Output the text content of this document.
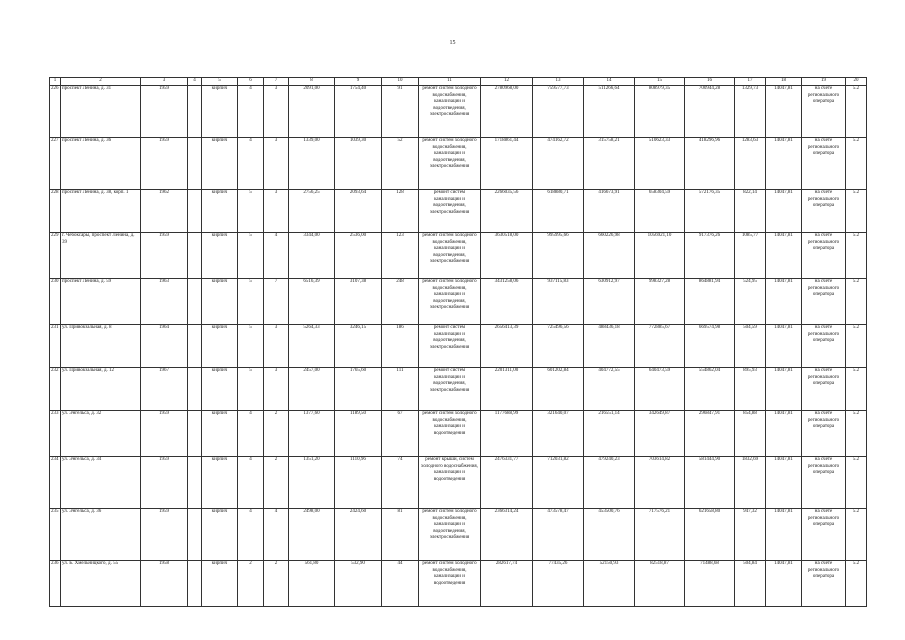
15
1	2	3	4	5	6	7	8	9	10	11	12	13	14	15	16	17	18	19	20
226	проспект Ленина, д. 31	1959		кирпич	4	3	2091,00	1754,40	91	ремонт систем холодного водоснабжения, канализации и водоотведения, электроснабжения	2780968,00	759577,73	511266,64	808979,35	700944,28	1329,73	14047,81	на счете регионального оператора	5.2
227	проспект Ленина, д. 36	1959		кирпич	4	3	1339,00	1039,30	52	ремонт систем холодного водоснабжения, канализации и водоотведения, электроснабжения	1718861,44	474162,72	315758,21	510623,33	418296,96	1283,63	14047,81	на счете регионального оператора	5.2
228	проспект Ленина, д. 38, корп. 1	1962		кирпич	5	3	2756,25	2093,64	128	ремонт систем канализации и водоотведения, электроснабжения	2266035,56	618880,71	416673,91	658304,59	572176,35	822,14	14047,81	на счете регионального оператора	5.2
229	г. Чебоксары, проспект Ленина, д. 39	1959		кирпич	5	4	3344,00	2536,00	123	ремонт систем холодного водоснабжения, канализации и водоотведения, электроснабжения	3630518,00	995995,66	660226,98	1056921,10	917376,26	1085,77	14047,81	на счете регионального оператора	5.2
230	проспект Ленина, д. 59	1963		кирпич	5	7	6516,39	3107,38	248	ремонт систем холодного водоснабжения, канализации и водоотведения, электроснабжения	3431258,06	937115,83	630912,97	998327,28	864881,94	524,95	14047,81	на счете регионального оператора	5.2
231	ул. Привокзальная, д. 8	1964		кирпич	5	3	5264,33	3246,15	186	ремонт систем канализации и водоотведения, электроснабжения	2656413,39	725496,56	488436,18	772885,67	669574,98	504,59	14047,81	на счете регионального оператора	5.2
232	ул. Привокзальная, д. 12	1967		кирпич	5	3	2457,00	1765,60	111	ремонт систем канализации и водоотведения, электроснабжения	2201311,00	601202,84	404772,55	640473,59	554862,04	895,93	14047,81	на счете регионального оператора	5.2
233	ул. Энгельса, д. 32	1959		кирпич	4	2	1377,60	1189,50	67	ремонт систем холодного водоснабжения, канализации и водоотведения	1177688,99	321640,07	216551,14	342649,87	296847,91	854,88	14047,81	на счете регионального оператора	5.2
234	ул. Энгельса, д. 34	1959		кирпич	4	2	1351,20	1110,96	74	ремонт крыши, систем холодного водоснабжения, канализации и водоотведения	2476331,77	712031,82	479240,23	703614,82	581444,90	1832,69	14047,81	на счете регионального оператора	5.2
235	ул. Энгельса, д. 36	1959		кирпич	4	4	2498,00	2424,60	81	ремонт систем холодного водоснабжения, канализации и водоотведения, электроснабжения	2366314,24	473578,47	453500,76	717576,21	621658,80	947,32	14047,81	на счете регионального оператора	5.2
236	ул. Б. Хмельницкого, д. 55	1958		кирпич	2	2	561,80	532,90	44	ремонт систем холодного водоснабжения, канализации и водоотведения	282617,74	77435,26	52150,93	82518,87	71488,68	504,84	14047,81	на счете регионального оператора	5.2
